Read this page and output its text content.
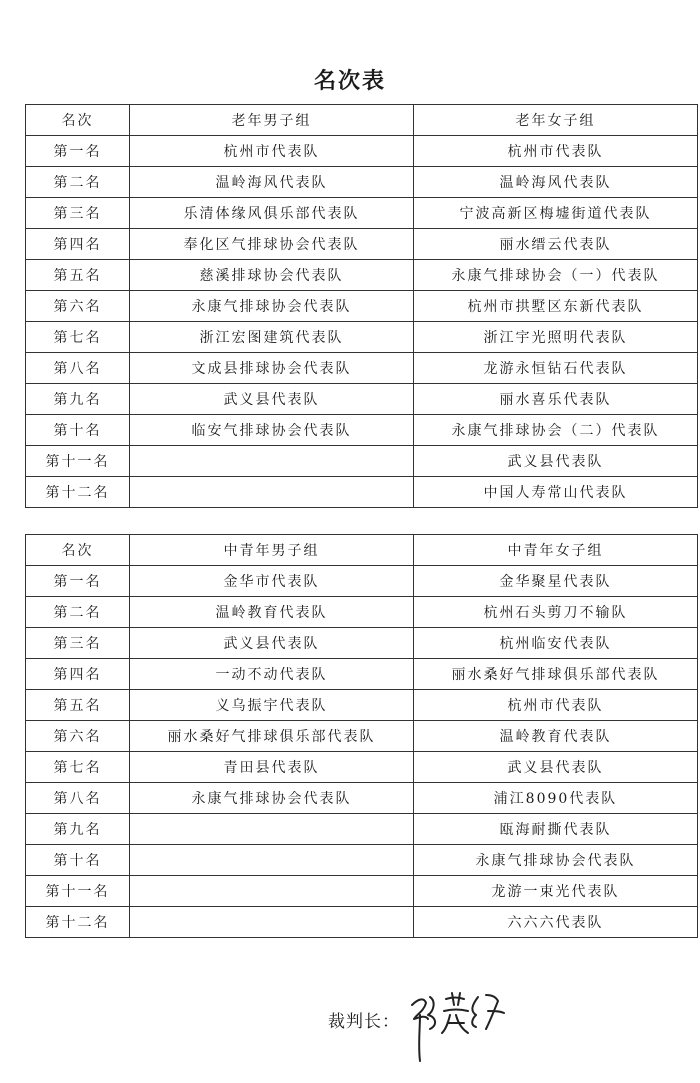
名次表
名次	老年男子组	老年女子组
第一名	杭州市代表队	杭州市代表队
第二名	温岭海风代表队	温岭海风代表队
第三名	乐清体缘风俱乐部代表队	宁波高新区梅墟街道代表队
第四名	奉化区气排球协会代表队	丽水缙云代表队
第五名	慈溪排球协会代表队	永康气排球协会（一）代表队
第六名	永康气排球协会代表队	杭州市拱墅区东新代表队
第七名	浙江宏图建筑代表队	浙江宇光照明代表队
第八名	文成县排球协会代表队	龙游永恒钻石代表队
第九名	武义县代表队	丽水喜乐代表队
第十名	临安气排球协会代表队	永康气排球协会（二）代表队
第十一名		武义县代表队
第十二名		中国人寿常山代表队
名次	中青年男子组	中青年女子组
第一名	金华市代表队	金华聚星代表队
第二名	温岭教育代表队	杭州石头剪刀不输队
第三名	武义县代表队	杭州临安代表队
第四名	一动不动代表队	丽水桑好气排球俱乐部代表队
第五名	义乌振宇代表队	杭州市代表队
第六名	丽水桑好气排球俱乐部代表队	温岭教育代表队
第七名	青田县代表队	武义县代表队
第八名	永康气排球协会代表队	浦江8090代表队
第九名		瓯海耐撕代表队
第十名		永康气排球协会代表队
第十一名		龙游一束光代表队
第十二名		六六六代表队
裁判长：
